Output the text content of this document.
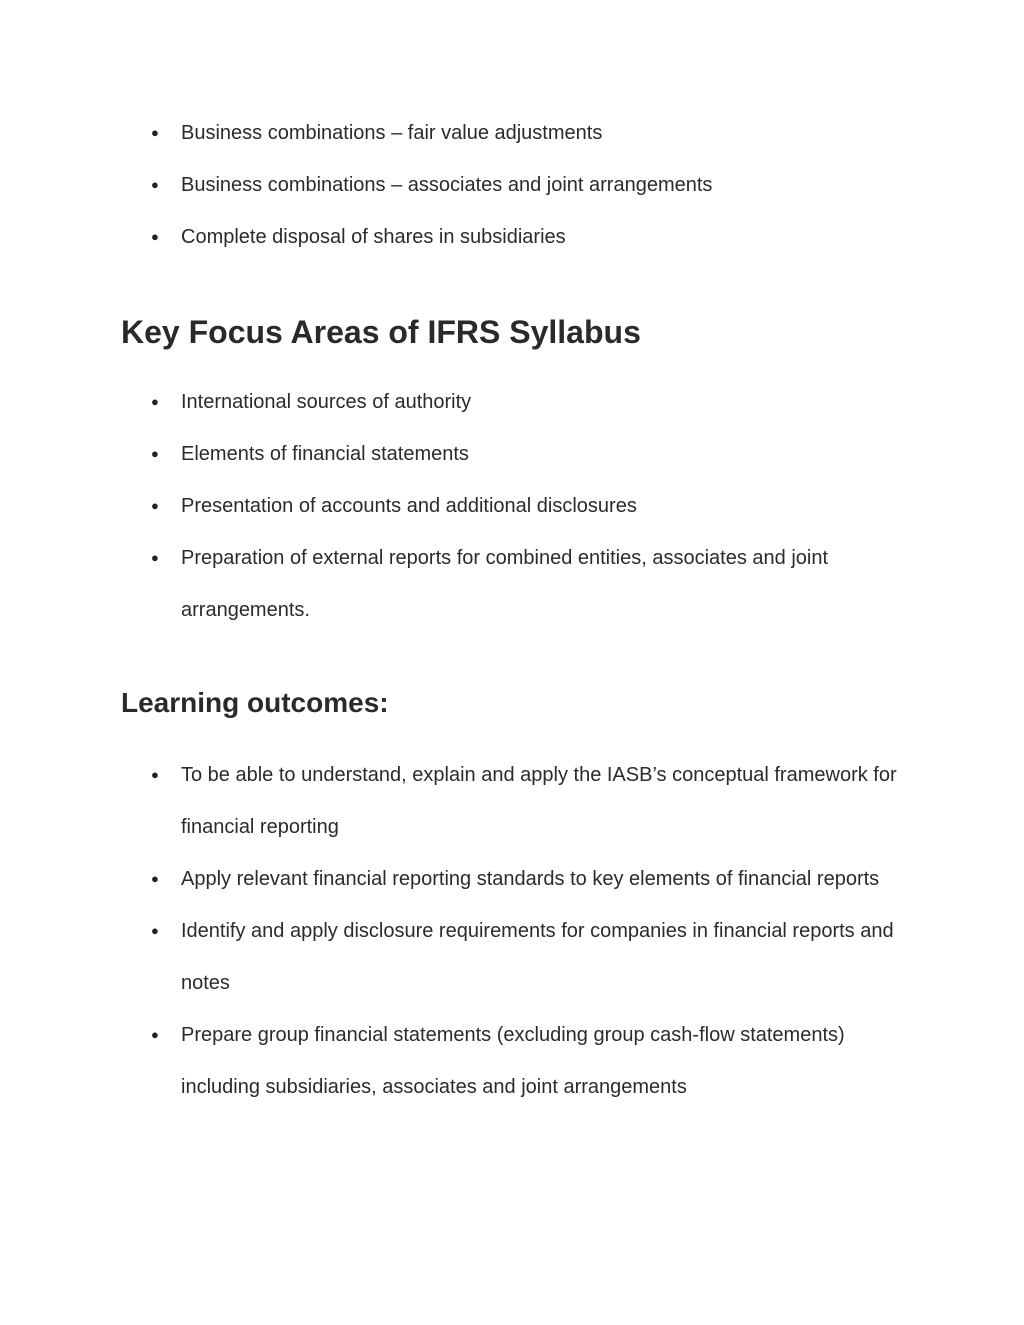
● Business combinations – fair value adjustments
● Business combinations – associates and joint arrangements
● Complete disposal of shares in subsidiaries
Key Focus Areas of IFRS Syllabus
● International sources of authority
● Elements of financial statements
● Presentation of accounts and additional disclosures
● Preparation of external reports for combined entities, associates and joint arrangements.
Learning outcomes:
● To be able to understand, explain and apply the IASB’s conceptual framework for financial reporting
● Apply relevant financial reporting standards to key elements of financial reports
● Identify and apply disclosure requirements for companies in financial reports and notes
● Prepare group financial statements (excluding group cash-flow statements) including subsidiaries, associates and joint arrangements
